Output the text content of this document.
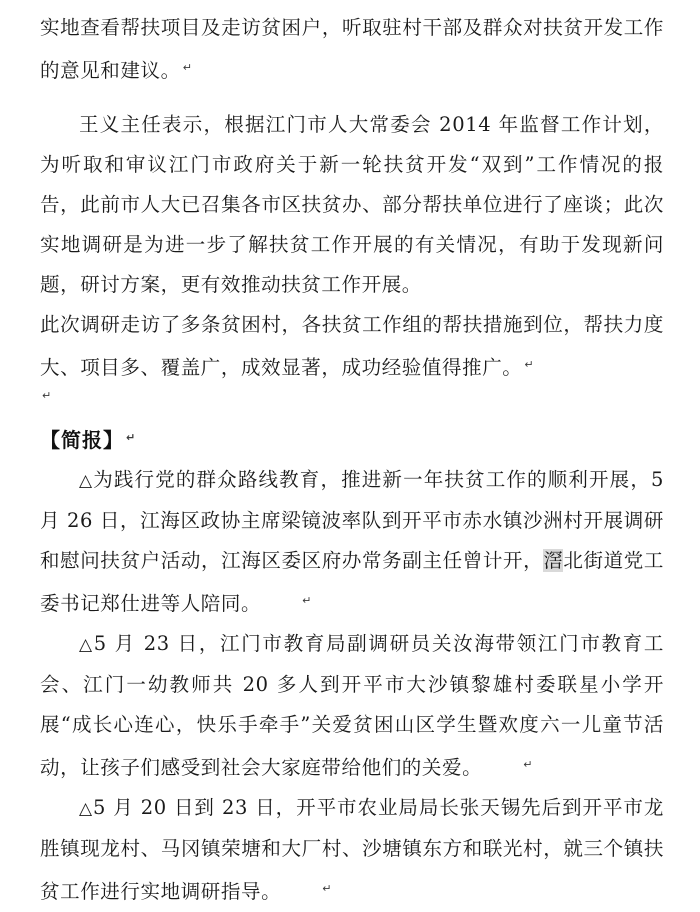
实地查看帮扶项目及走访贫困户，听取驻村干部及群众对扶贫开发工作的意见和建议。 ↵

王义主任表示，根据江门市人大常委会 2014 年监督工作计划，为听取和审议江门市政府关于新一轮扶贫开发“双到”工作情况的报告，此前市人大已召集各市区扶贫办、部分帮扶单位进行了座谈；此次实地调研是为进一步了解扶贫工作开展的有关情况，有助于发现新问题，研讨方案，更有效推动扶贫工作开展。

此次调研走访了多条贫困村，各扶贫工作组的帮扶措施到位，帮扶力度大、项目多、覆盖广，成效显著，成功经验值得推广。 ↵

↵

【简报】 ↵

△为践行党的群众路线教育，推进新一年扶贫工作的顺利开展，5 月 26 日，江海区政协主席梁镜波率队到开平市赤水镇沙洲村开展调研和慰问扶贫户活动，江海区委区府办常务副主任曾计开，滘北街道党工委书记郑仕进等人陪同。	↵

△5 月 23 日，江门市教育局副调研员关汝海带领江门市教育工会、江门一幼教师共 20 多人到开平市大沙镇黎雄村委联星小学开展“成长心连心，快乐手牵手”关爱贫困山区学生暨欢度六一儿童节活动，让孩子们感受到社会大家庭带给他们的关爱。	↵

△5 月 20 日到 23 日，开平市农业局局长张天锡先后到开平市龙胜镇现龙村、马冈镇荣塘和大厂村、沙塘镇东方和联光村，就三个镇扶贫工作进行实地调研指导。	↵
